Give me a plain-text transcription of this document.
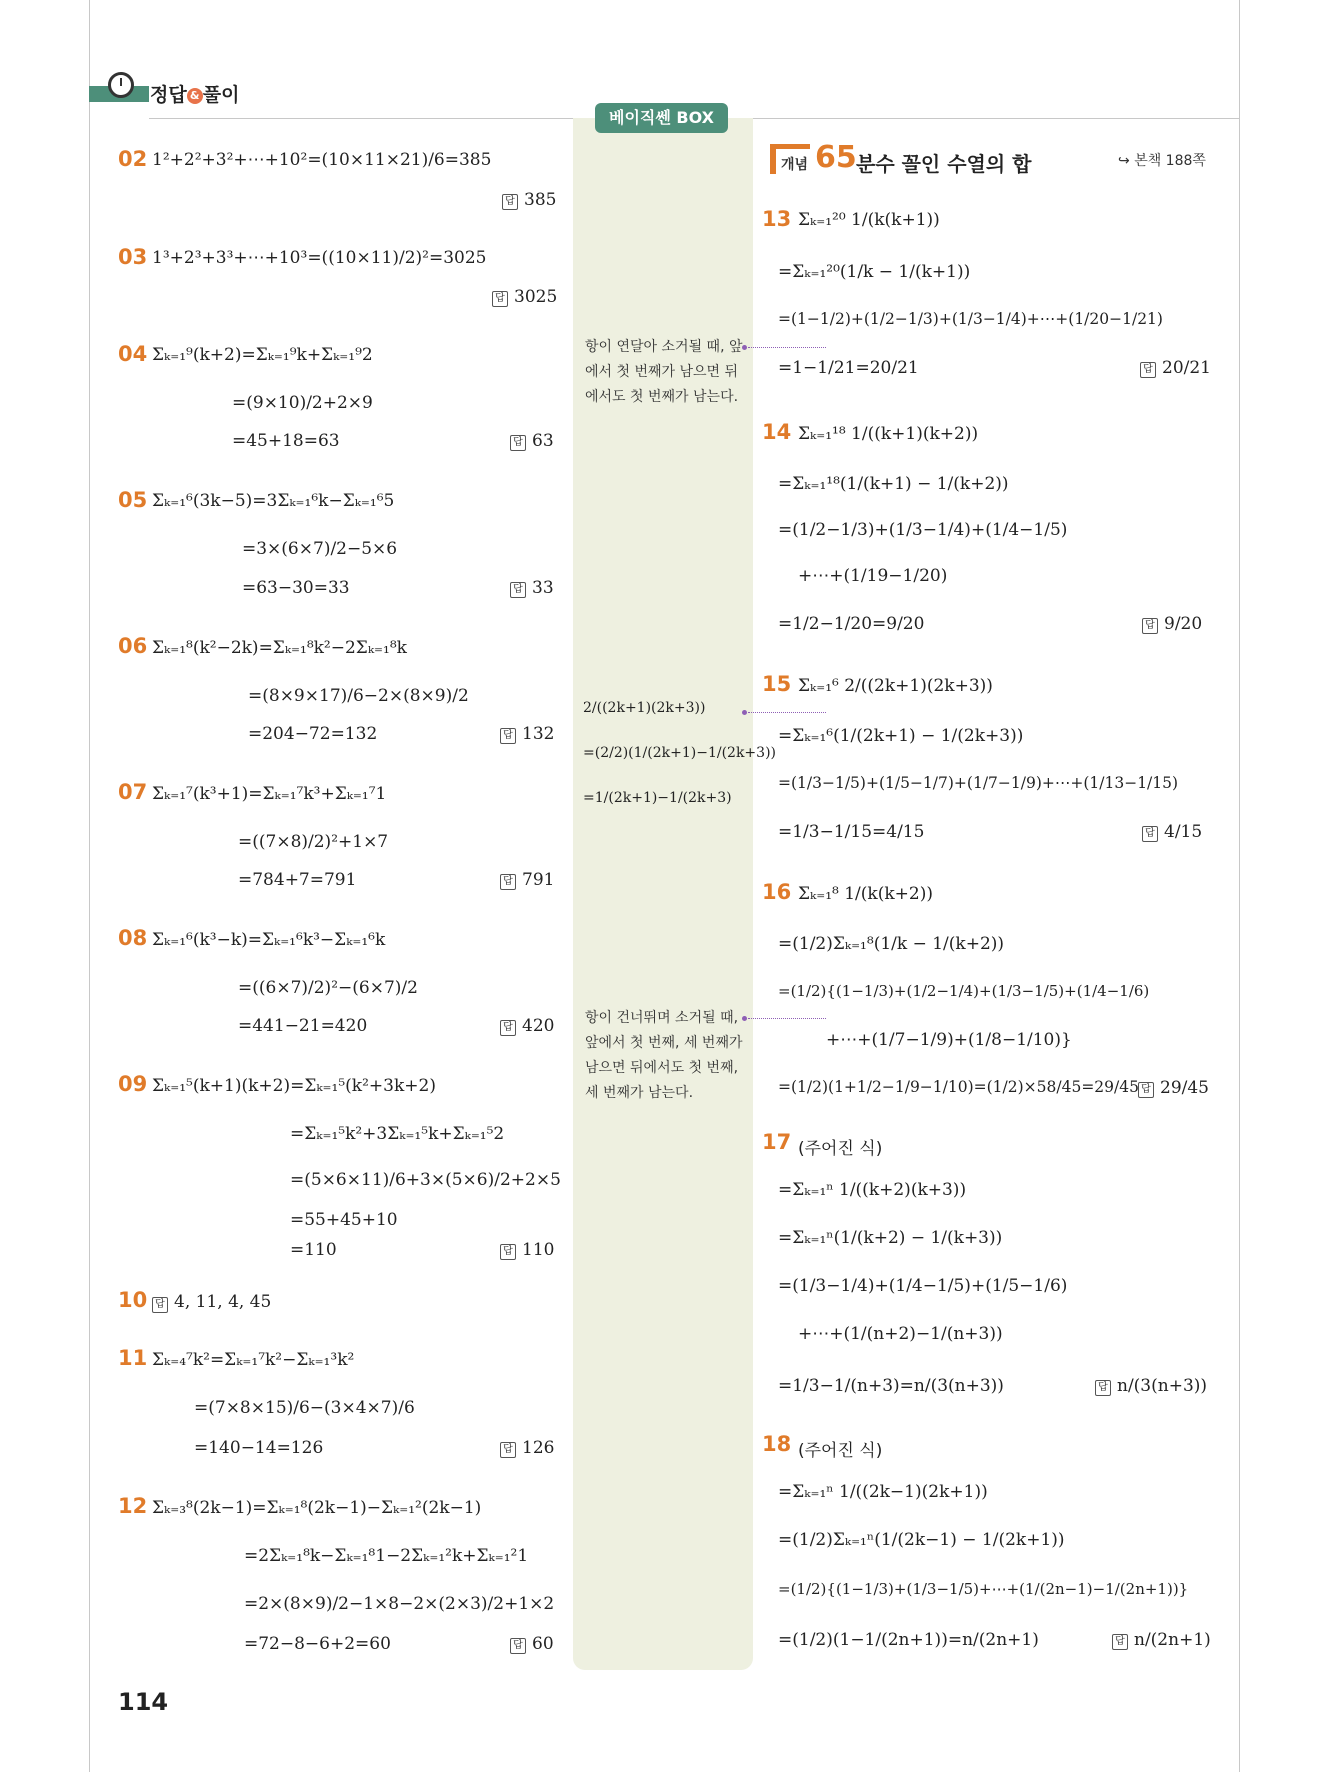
정답 & 풀이
베이직쎈 BOX
개념 65 분수 꼴인 수열의 합	↪ 본책 188쪽
02 1²+2²+3²+⋯+10²=(10×11×21)/6=385
답 385
03 1³+2³+3³+⋯+10³=((10×11)/2)²=3025
답 3025
04 Σₖ₌₁⁹(k+2)=Σₖ₌₁⁹k+Σₖ₌₁⁹2
=(9×10)/2+2×9
=45+18=63	답 63
05 Σₖ₌₁⁶(3k−5)=3Σₖ₌₁⁶k−Σₖ₌₁⁶5
=3×(6×7)/2−5×6
=63−30=33	답 33
06 Σₖ₌₁⁸(k²−2k)=Σₖ₌₁⁸k²−2Σₖ₌₁⁸k
=(8×9×17)/6−2×(8×9)/2
=204−72=132	답 132
07 Σₖ₌₁⁷(k³+1)=Σₖ₌₁⁷k³+Σₖ₌₁⁷1
=((7×8)/2)²+1×7
=784+7=791	답 791
08 Σₖ₌₁⁶(k³−k)=Σₖ₌₁⁶k³−Σₖ₌₁⁶k
=((6×7)/2)²−(6×7)/2
=441−21=420	답 420
09 Σₖ₌₁⁵(k+1)(k+2)=Σₖ₌₁⁵(k²+3k+2)
=Σₖ₌₁⁵k²+3Σₖ₌₁⁵k+Σₖ₌₁⁵2
=(5×6×11)/6+3×(5×6)/2+2×5
=55+45+10
=110	답 110
10 답 4, 11, 4, 45
11 Σₖ₌₄⁷k²=Σₖ₌₁⁷k²−Σₖ₌₁³k²
=(7×8×15)/6−(3×4×7)/6
=140−14=126	답 126
12 Σₖ₌₃⁸(2k−1)=Σₖ₌₁⁸(2k−1)−Σₖ₌₁²(2k−1)
=2Σₖ₌₁⁸k−Σₖ₌₁⁸1−2Σₖ₌₁²k+Σₖ₌₁²1
=2×(8×9)/2−1×8−2×(2×3)/2+1×2
=72−8−6+2=60	답 60
항이 연달아 소거될 때, 앞에서 첫 번째가 남으면 뒤에서도 첫 번째가 남는다.
2/((2k+1)(2k+3))
=(2/2)(1/(2k+1)−1/(2k+3))
=1/(2k+1)−1/(2k+3)
항이 건너뛰며 소거될 때, 앞에서 첫 번째, 세 번째가 남으면 뒤에서도 첫 번째, 세 번째가 남는다.
13 Σₖ₌₁²⁰ 1/(k(k+1))
=Σₖ₌₁²⁰(1/k − 1/(k+1))
=(1−1/2)+(1/2−1/3)+(1/3−1/4)+⋯+(1/20−1/21)
=1−1/21=20/21	답 20/21
14 Σₖ₌₁¹⁸ 1/((k+1)(k+2))
=Σₖ₌₁¹⁸(1/(k+1) − 1/(k+2))
=(1/2−1/3)+(1/3−1/4)+(1/4−1/5)
+⋯+(1/19−1/20)
=1/2−1/20=9/20	답 9/20
15 Σₖ₌₁⁶ 2/((2k+1)(2k+3))
=Σₖ₌₁⁶(1/(2k+1) − 1/(2k+3))
=(1/3−1/5)+(1/5−1/7)+(1/7−1/9)+⋯+(1/13−1/15)
=1/3−1/15=4/15	답 4/15
16 Σₖ₌₁⁸ 1/(k(k+2))
=(1/2)Σₖ₌₁⁸(1/k − 1/(k+2))
=(1/2){(1−1/3)+(1/2−1/4)+(1/3−1/5)+(1/4−1/6)
+⋯+(1/7−1/9)+(1/8−1/10)}
=(1/2)(1+1/2−1/9−1/10)=(1/2)×58/45=29/45 답 29/45
17 (주어진 식)
=Σₖ₌₁ⁿ 1/((k+2)(k+3))
=Σₖ₌₁ⁿ(1/(k+2) − 1/(k+3))
=(1/3−1/4)+(1/4−1/5)+(1/5−1/6)
+⋯+(1/(n+2)−1/(n+3))
=1/3−1/(n+3)=n/(3(n+3))	답 n/(3(n+3))
18 (주어진 식)
=Σₖ₌₁ⁿ 1/((2k−1)(2k+1))
=(1/2)Σₖ₌₁ⁿ(1/(2k−1) − 1/(2k+1))
=(1/2){(1−1/3)+(1/3−1/5)+⋯+(1/(2n−1)−1/(2n+1))}
=(1/2)(1−1/(2n+1))=n/(2n+1)	답 n/(2n+1)
114
